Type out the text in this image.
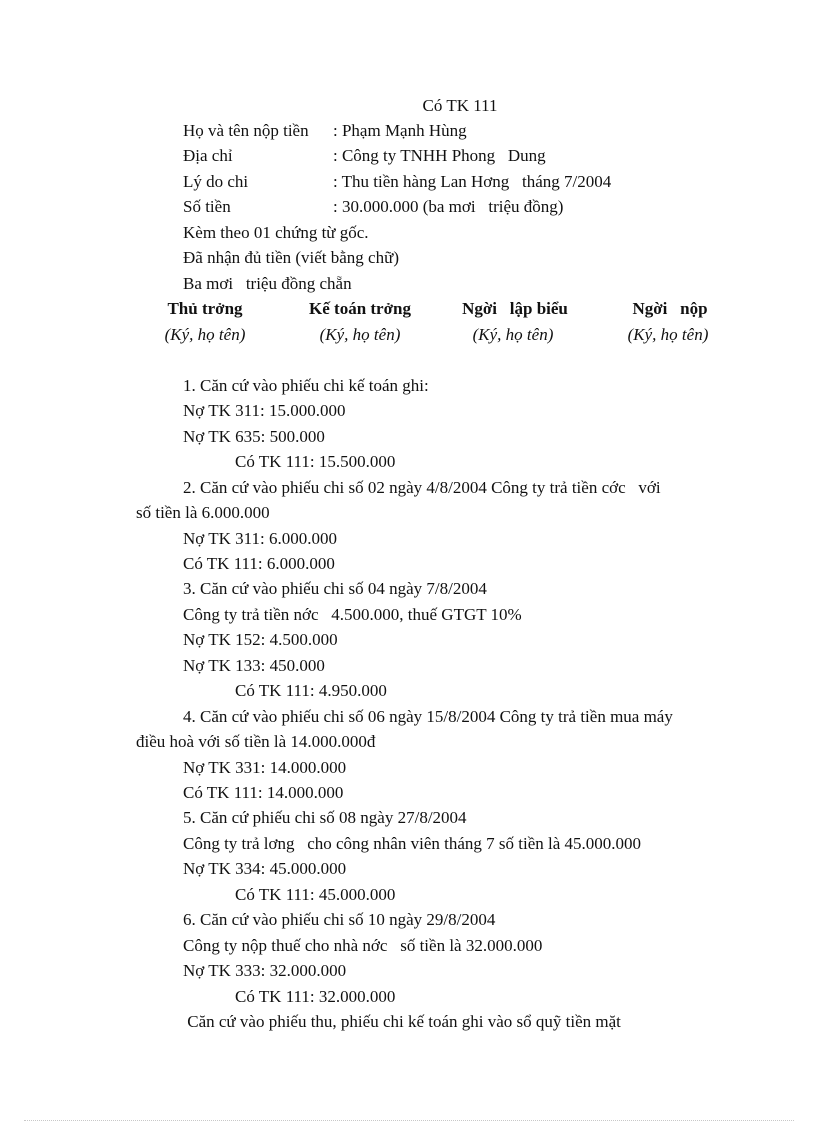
Có TK 111
Họ và tên nộp tiền : Phạm Mạnh Hùng
Địa chỉ	: Công ty TNHH Phong   Dung
Lý do chi	: Thu tiền hàng Lan Hơng   tháng 7/2004
Số tiền	: 30.000.000 (ba mơi   triệu đồng)
Kèm theo 01 chứng từ gốc.
Đã nhận đủ tiền (viết bằng chữ)
Ba mơi   triệu đồng chẵn
Thủ trởng	Kế toán trởng	Ngời   lập biểu	Ngời   nộp
(Ký, họ tên)	(Ký, họ tên)	(Ký, họ tên)	(Ký, họ tên)
1. Căn cứ vào phiếu chi kế toán ghi:
Nợ TK 311: 15.000.000
Nợ TK 635: 500.000
Có TK 111: 15.500.000
2. Căn cứ vào phiếu chi số 02 ngày 4/8/2004 Công ty trả tiền cớc   với
số tiền là 6.000.000
Nợ TK 311: 6.000.000
Có TK 111: 6.000.000
3. Căn cứ vào phiếu chi số 04 ngày 7/8/2004
Công ty trả tiền nớc   4.500.000, thuế GTGT 10%
Nợ TK 152: 4.500.000
Nợ TK 133: 450.000
Có TK 111: 4.950.000
4. Căn cứ vào phiếu chi số 06 ngày 15/8/2004 Công ty trả tiền mua máy
điều hoà với số tiền là 14.000.000đ
Nợ TK 331: 14.000.000
Có TK 111: 14.000.000
5. Căn cứ phiếu chi số 08 ngày 27/8/2004
Công ty trả lơng   cho công nhân viên tháng 7 số tiền là 45.000.000
Nợ TK 334: 45.000.000
Có TK 111: 45.000.000
6. Căn cứ vào phiếu chi số 10 ngày 29/8/2004
Công ty nộp thuế cho nhà nớc   số tiền là 32.000.000
Nợ TK 333: 32.000.000
Có TK 111: 32.000.000
Căn cứ vào phiếu thu, phiếu chi kế toán ghi vào sổ quỹ tiền mặt
